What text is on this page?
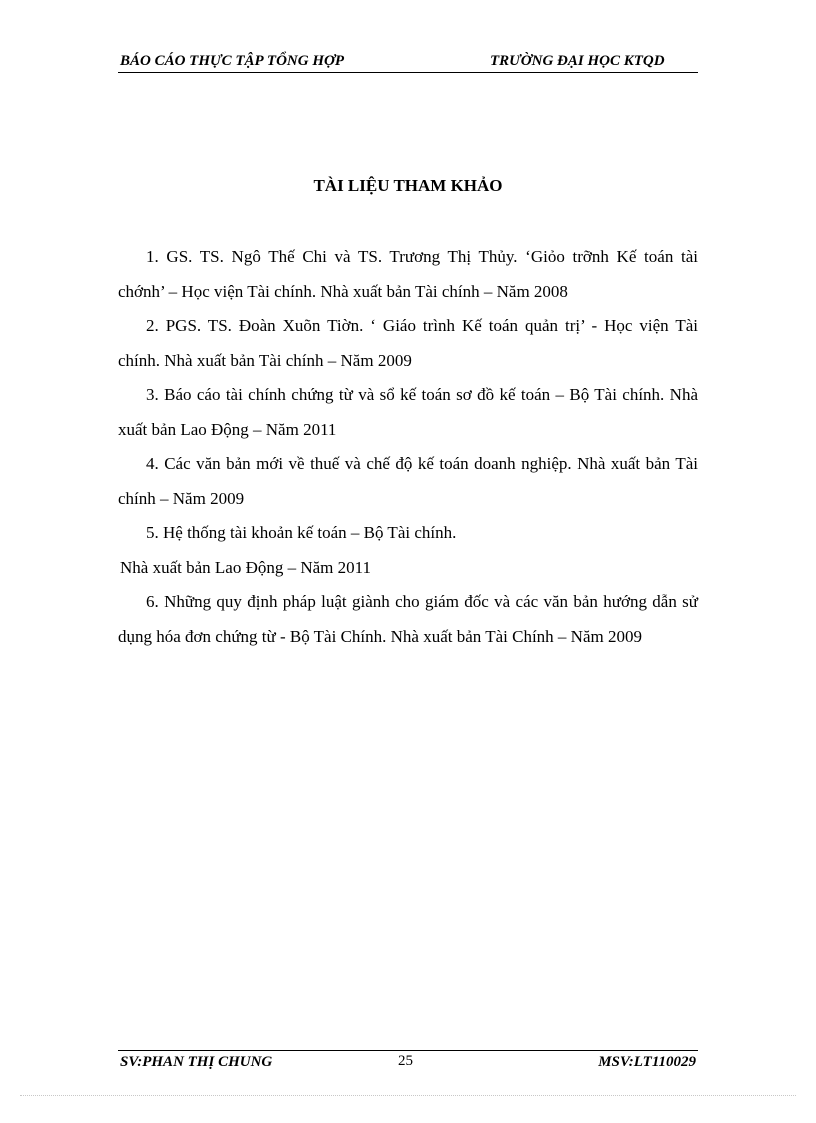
BÁO CÁO THỰC TẬP TỔNG HỢP	TRƯỜNG ĐẠI HỌC KTQD
TÀI LIỆU THAM KHẢO

1. GS. TS. Ngô Thế Chi và TS. Trương Thị Thủy. ‘Giỏo trỡnh Kế toán tài chớnh’ – Học viện Tài chính. Nhà xuất bản Tài chính – Năm 2008

2. PGS. TS. Đoàn Xuõn Tiờn. ‘ Giáo trình Kế toán quản trị’ - Học viện Tài chính. Nhà xuất bản Tài chính – Năm 2009

3. Báo cáo tài chính chứng từ và sổ kế toán sơ đồ kế toán – Bộ Tài chính. Nhà xuất bản Lao Động – Năm 2011

4. Các văn bản mới về thuế và chế độ kế toán doanh nghiệp. Nhà xuất bản Tài chính – Năm 2009

5. Hệ thống tài khoản kế toán – Bộ Tài chính.

Nhà xuất bản Lao Động – Năm 2011

6. Những quy định pháp luật giành cho giám đốc và các văn bản hướng dẫn sử dụng hóa đơn chứng từ - Bộ Tài Chính. Nhà xuất bản Tài Chính – Năm 2009

SV:PHAN THỊ CHUNG	25	MSV:LT110029
